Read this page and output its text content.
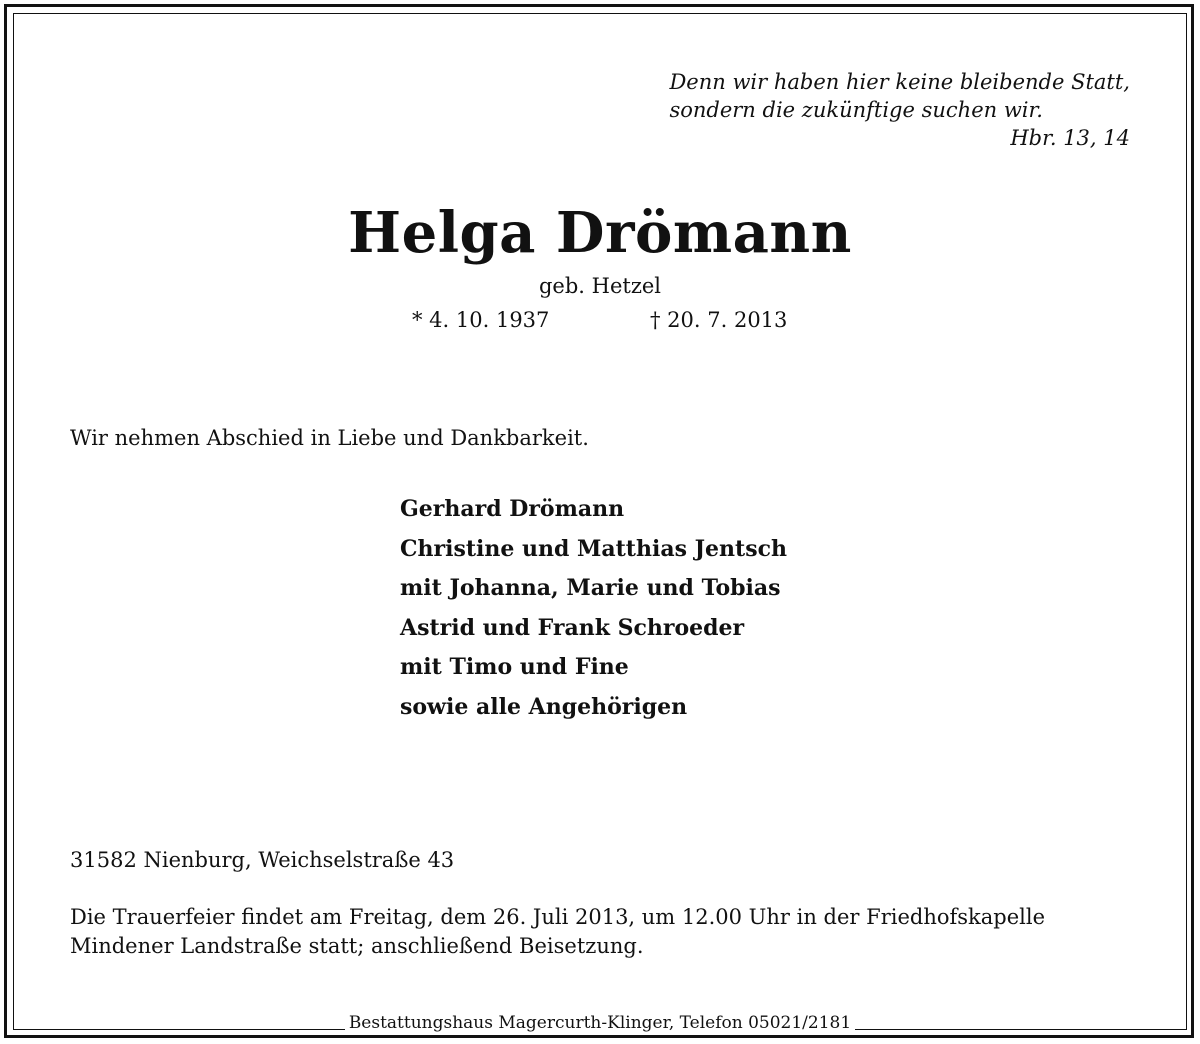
Denn wir haben hier keine bleibende Statt,
sondern die zukünftige suchen wir.
Hbr. 13, 14
Helga Drömann
geb. Hetzel
* 4. 10. 1937	† 20. 7. 2013
Wir nehmen Abschied in Liebe und Dankbarkeit.
Gerhard Drömann
Christine und Matthias Jentsch
mit Johanna, Marie und Tobias
Astrid und Frank Schroeder
mit Timo und Fine
sowie alle Angehörigen
31582 Nienburg, Weichselstraße 43
Die Trauerfeier findet am Freitag, dem 26. Juli 2013, um 12.00 Uhr in der Friedhofskapelle
Mindener Landstraße statt; anschließend Beisetzung.
Bestattungshaus Magercurth-Klinger, Telefon 05021/2181
